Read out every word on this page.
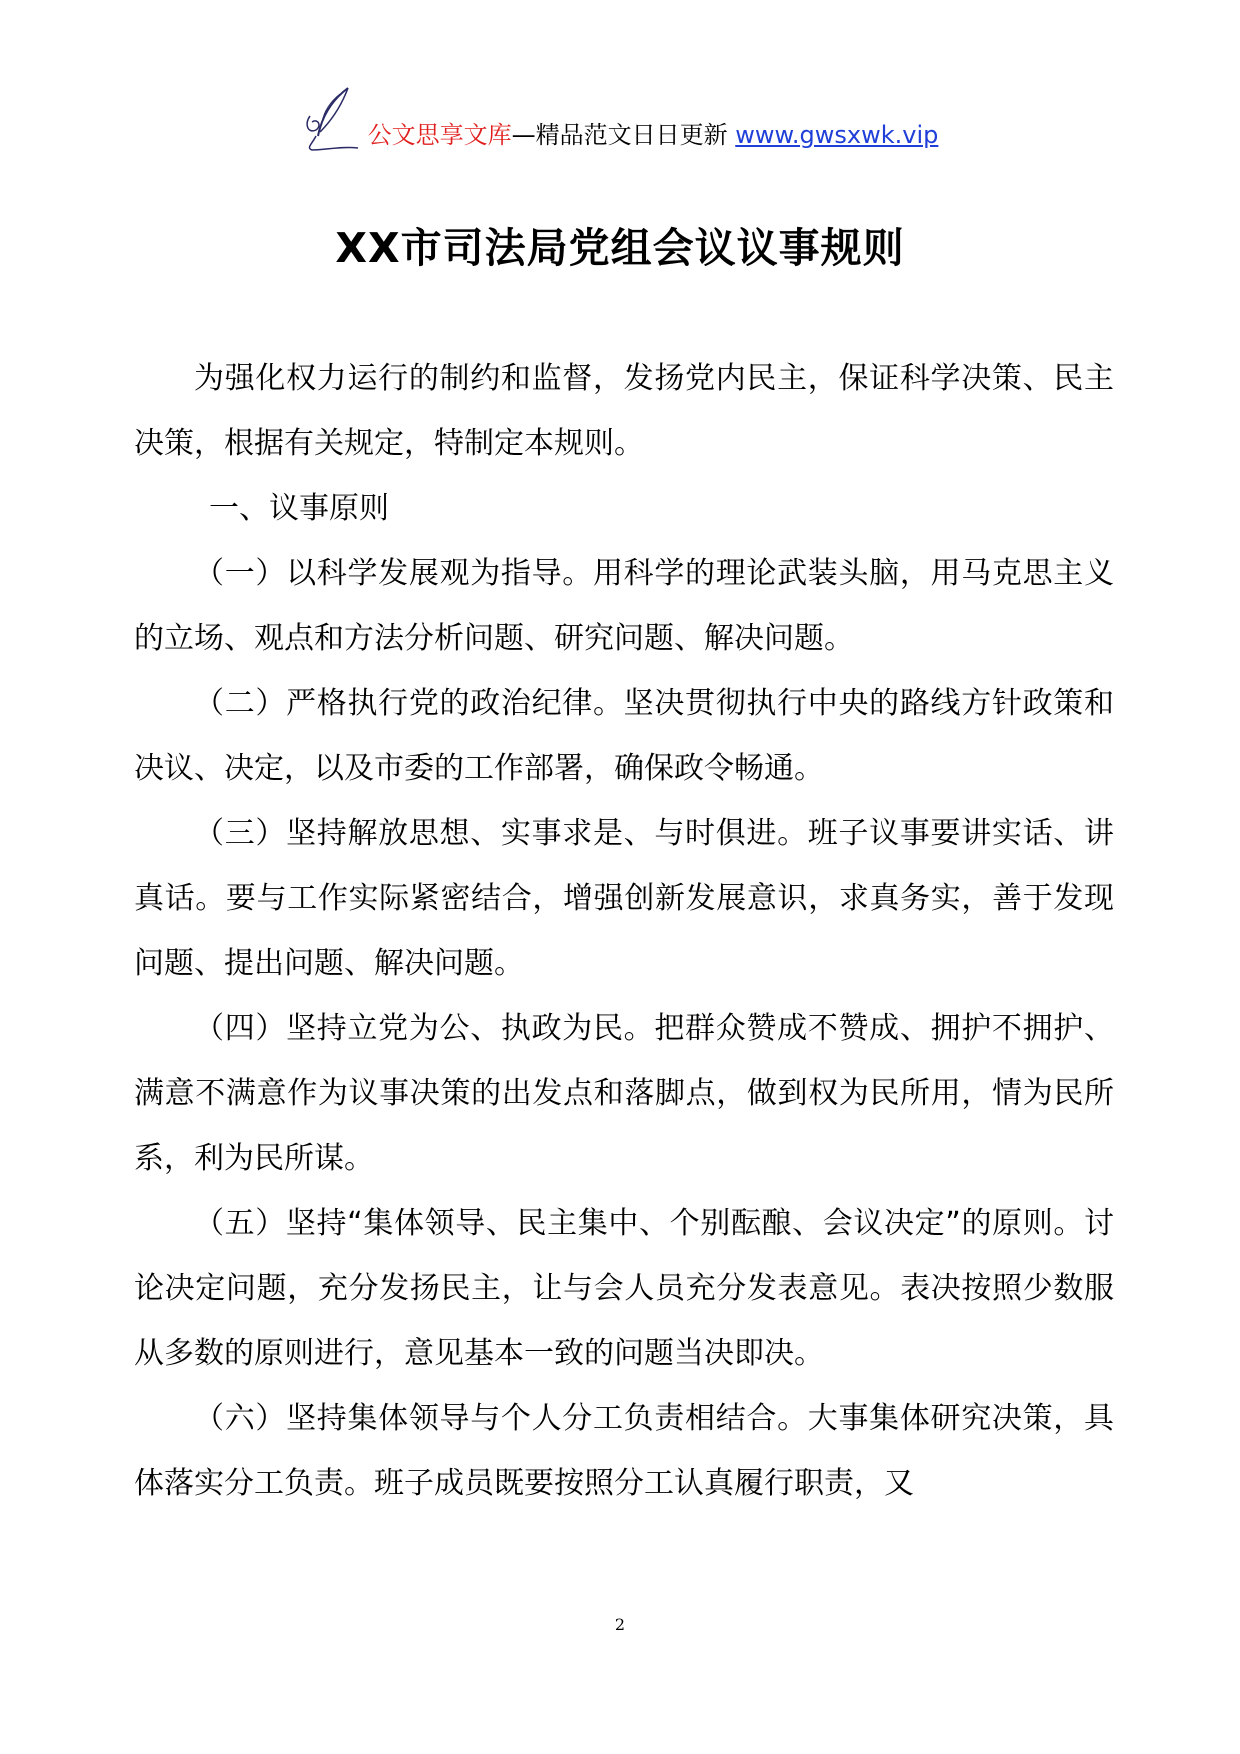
公文思享文库—精品范文日日更新 www.gwsxwk.vip
XX市司法局党组会议议事规则

为强化权力运行的制约和监督，发扬党内民主，保证科学决策、民主决策，根据有关规定，特制定本规则。

一、议事原则

（一）以科学发展观为指导。用科学的理论武装头脑，用马克思主义的立场、观点和方法分析问题、研究问题、解决问题。

（二）严格执行党的政治纪律。坚决贯彻执行中央的路线方针政策和决议、决定，以及市委的工作部署，确保政令畅通。

（三）坚持解放思想、实事求是、与时俱进。班子议事要讲实话、讲真话。要与工作实际紧密结合，增强创新发展意识，求真务实，善于发现问题、提出问题、解决问题。

（四）坚持立党为公、执政为民。把群众赞成不赞成、拥护不拥护、满意不满意作为议事决策的出发点和落脚点，做到权为民所用，情为民所系，利为民所谋。

（五）坚持“集体领导、民主集中、个别酝酿、会议决定”的原则。讨论决定问题，充分发扬民主，让与会人员充分发表意见。表决按照少数服从多数的原则进行，意见基本一致的问题当决即决。

（六）坚持集体领导与个人分工负责相结合。大事集体研究决策，具体落实分工负责。班子成员既要按照分工认真履行职责，又

2
